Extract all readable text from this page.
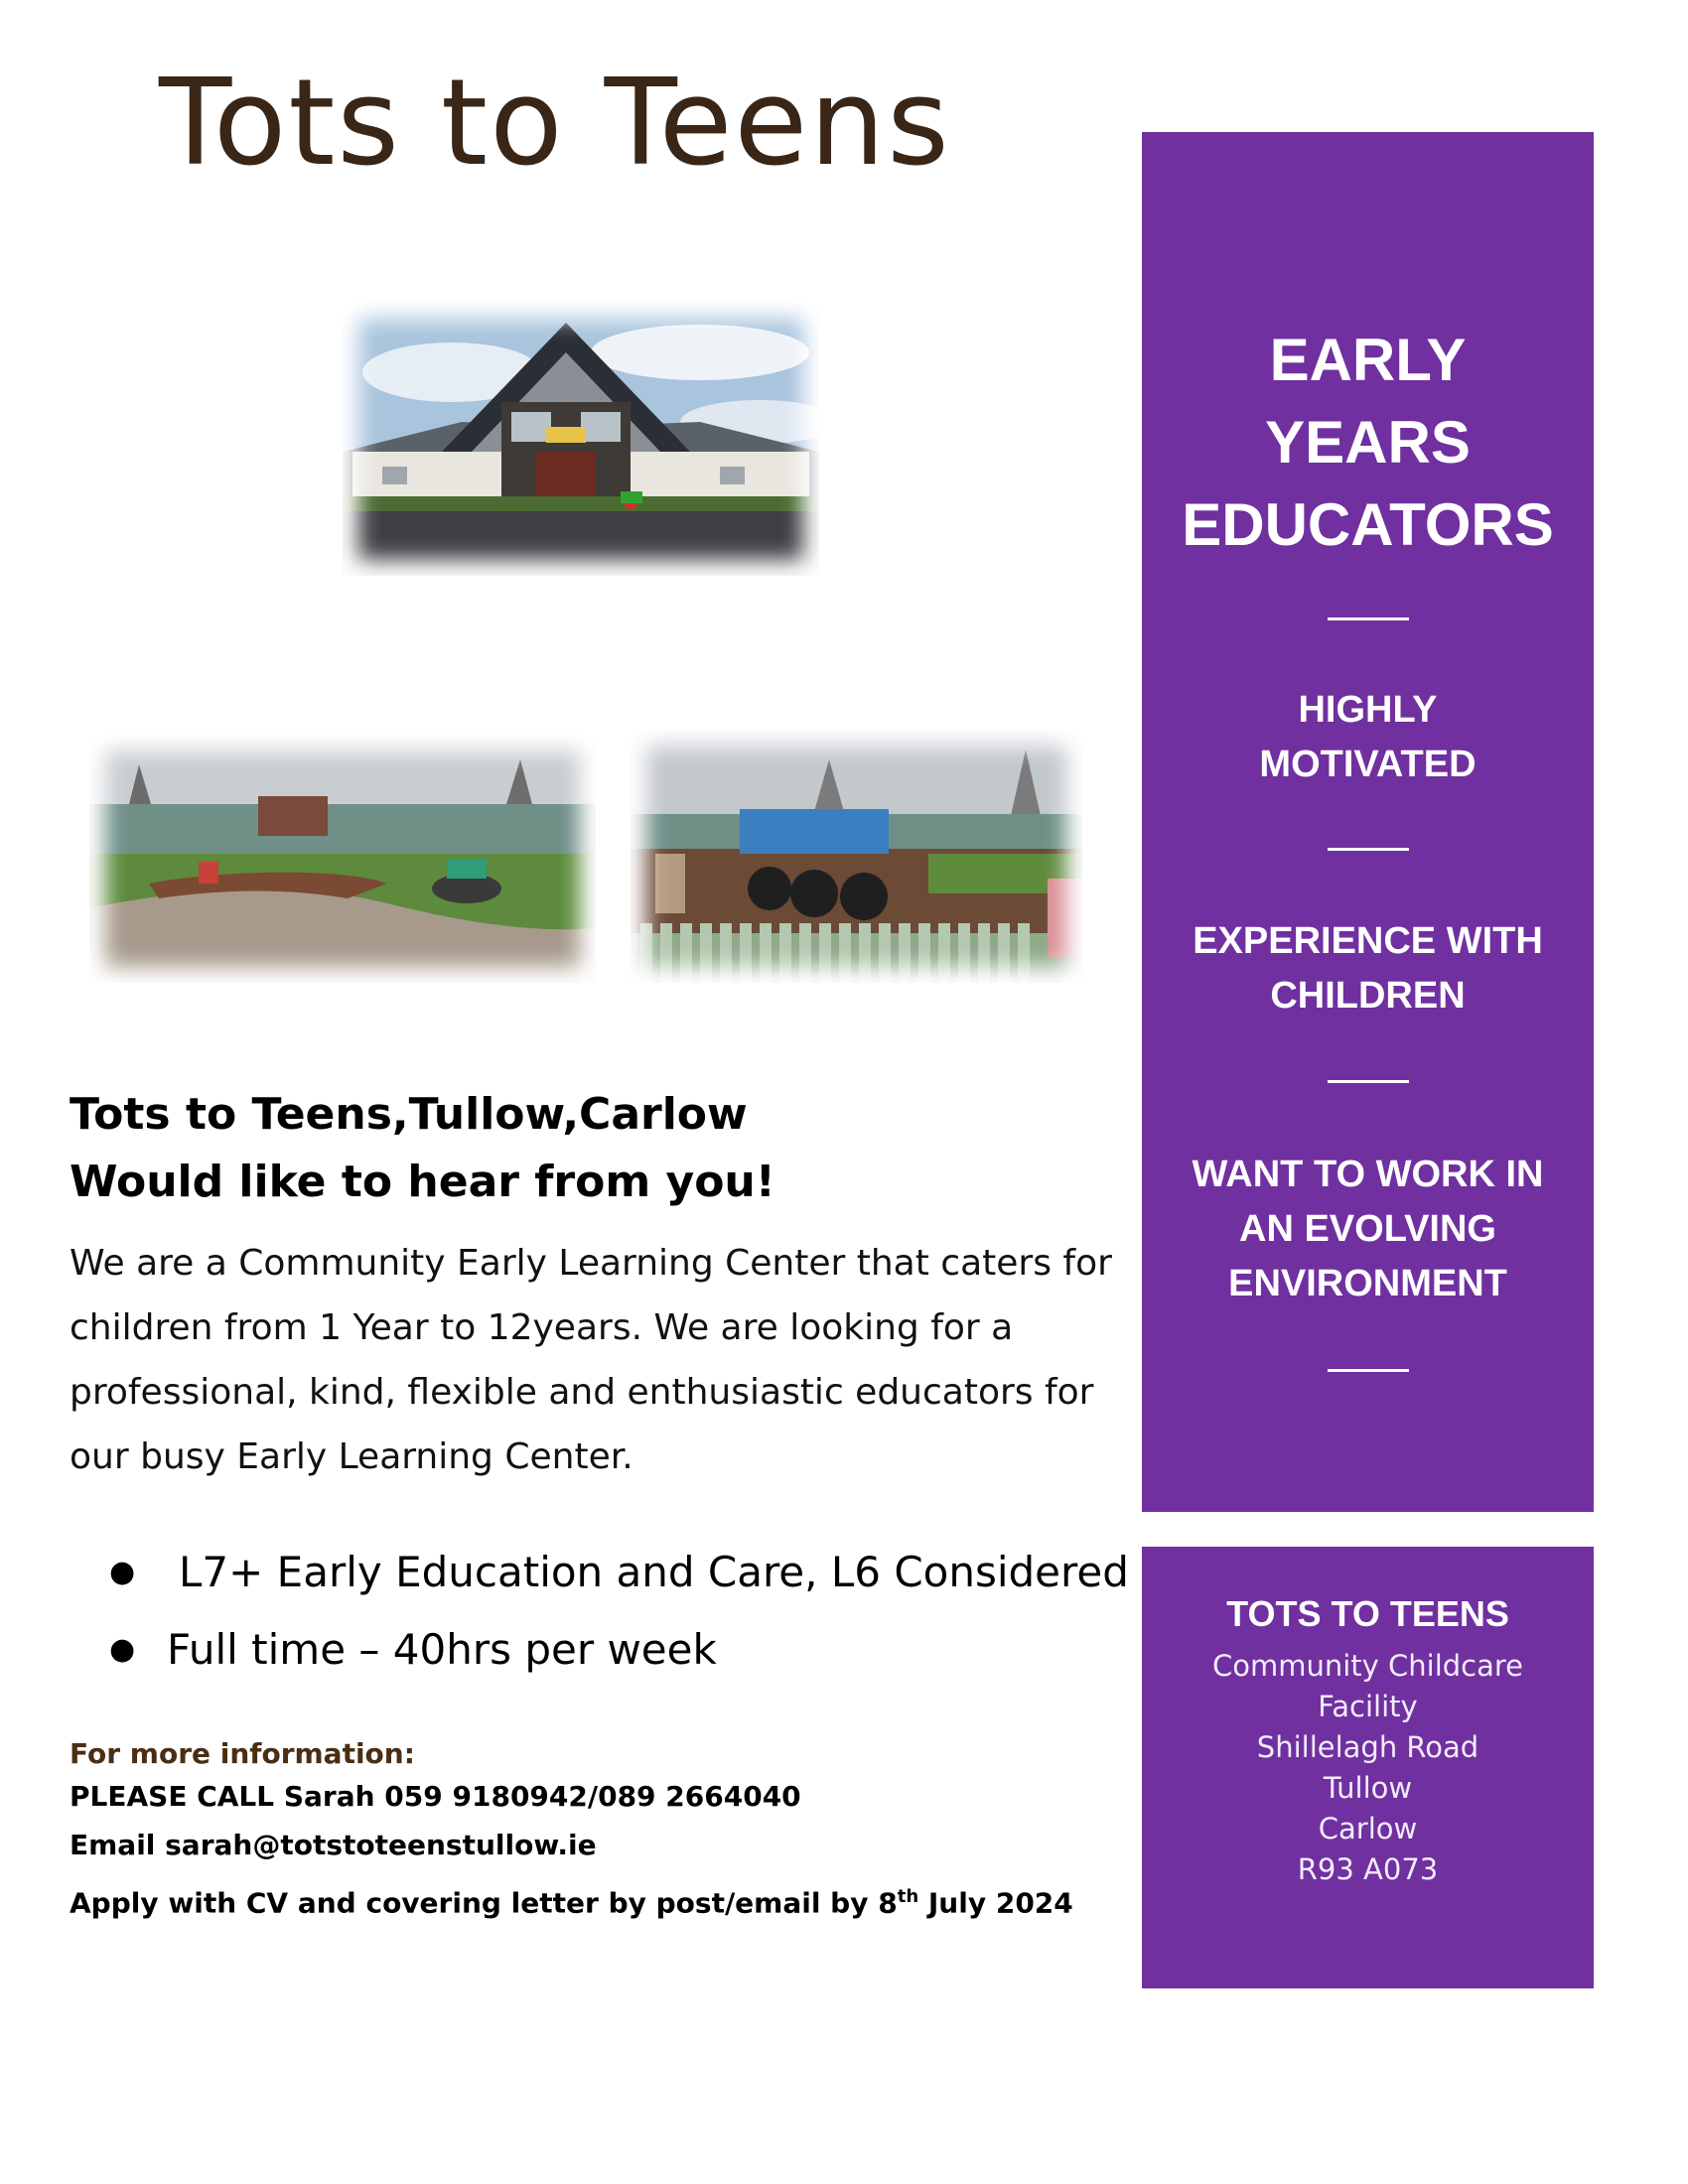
Tots to Teens
Tots to Teens,Tullow,Carlow
Would like to hear from you!
We are a Community Early Learning Center that caters for children from 1 Year to 12years. We are looking for a professional, kind, flexible and enthusiastic educators for our busy Early Learning Center.
● L7+ Early Education and Care, L6 Considered
● Full time – 40hrs per week
For more information:
PLEASE CALL Sarah 059 9180942/089 2664040
Email sarah@totstoteenstullow.ie
Apply with CV and covering letter by post/email by 8th July 2024
EARLY
YEARS
EDUCATORS
HIGHLY
MOTIVATED
EXPERIENCE WITH
CHILDREN
WANT TO WORK IN
AN EVOLVING
ENVIRONMENT
TOTS TO TEENS
Community Childcare
Facility
Shillelagh Road
Tullow
Carlow
R93 A073
